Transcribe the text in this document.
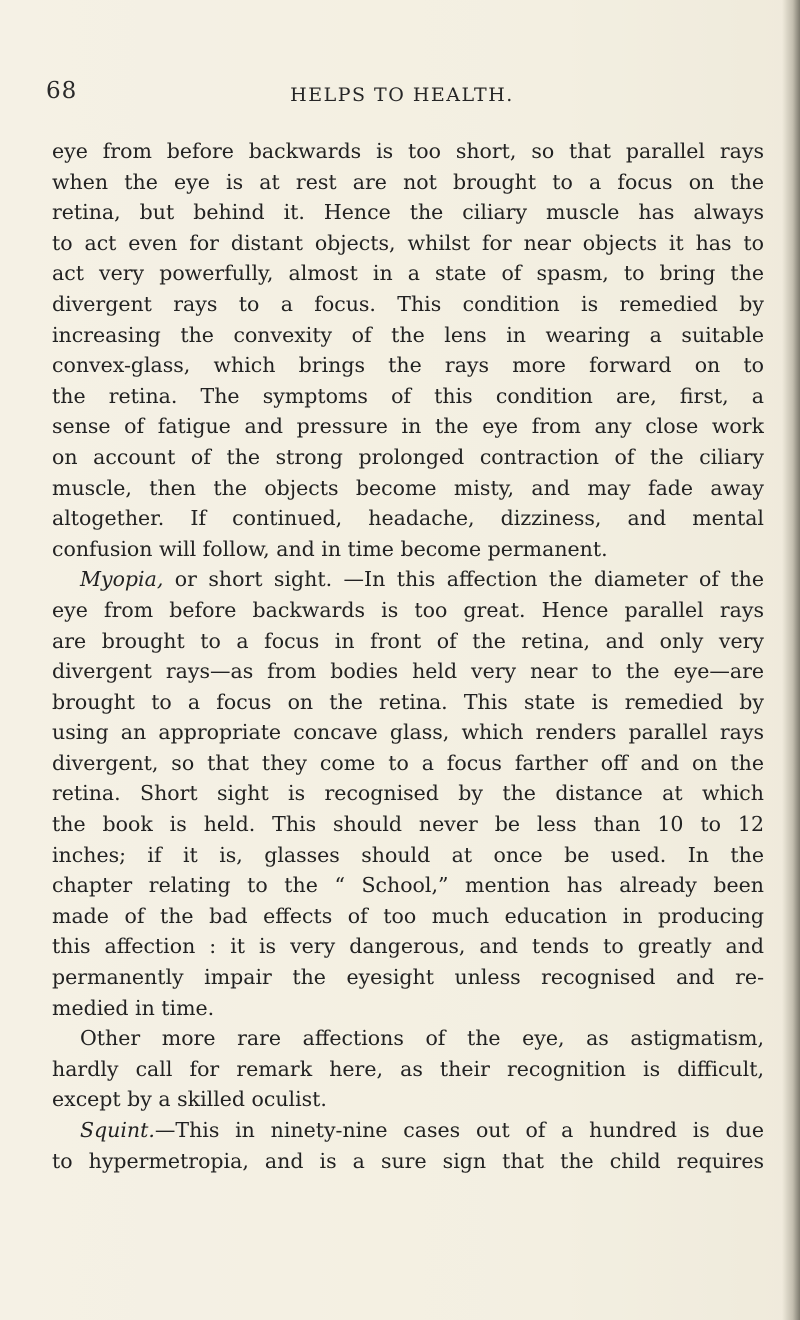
68	HELPS TO HEALTH.
eye from before backwards is too short, so that parallel rays
when the eye is at rest are not brought to a focus on the
retina, but behind it. Hence the ciliary muscle has always
to act even for distant objects, whilst for near objects it has to
act very powerfully, almost in a state of spasm, to bring the
divergent rays to a focus. This condition is remedied by
increasing the convexity of the lens in wearing a suitable
convex-glass, which brings the rays more forward on to
the retina. The symptoms of this condition are, first, a
sense of fatigue and pressure in the eye from any close work
on account of the strong prolonged contraction of the ciliary
muscle, then the objects become misty, and may fade away
altogether. If continued, headache, dizziness, and mental
confusion will follow, and in time become permanent.
Myopia, or short sight. —In this affection the diameter of the
eye from before backwards is too great. Hence parallel rays
are brought to a focus in front of the retina, and only very
divergent rays—as from bodies held very near to the eye—are
brought to a focus on the retina. This state is remedied by
using an appropriate concave glass, which renders parallel rays
divergent, so that they come to a focus farther off and on the
retina. Short sight is recognised by the distance at which
the book is held. This should never be less than 10 to 12
inches; if it is, glasses should at once be used. In the
chapter relating to the “ School,” mention has already been
made of the bad effects of too much education in producing
this affection : it is very dangerous, and tends to greatly and
permanently impair the eyesight unless recognised and re-
medied in time.
Other more rare affections of the eye, as astigmatism,
hardly call for remark here, as their recognition is difficult,
except by a skilled oculist.
Squint.—This in ninety-nine cases out of a hundred is due
to hypermetropia, and is a sure sign that the child requires
